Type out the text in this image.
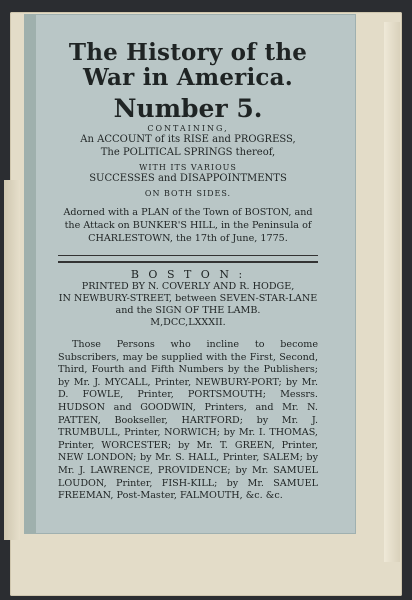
The History of the
War in America.
Number 5.
CONTAINING,
An ACCOUNT of its RISE and PROGRESS,
The POLITICAL SPRINGS thereof,
WITH ITS VARIOUS
SUCCESSES and DISAPPOINTMENTS
ON BOTH SIDES.
Adorned with a PLAN of the Town of BOSTON, and the Attack on BUNKER'S HILL, in the Peninsula of CHARLESTOWN, the 17th of June, 1775.
B O S T O N :
PRINTED BY N. COVERLY AND R. HODGE,
IN NEWBURY-STREET, between SEVEN-STAR-LANE
and the SIGN OF THE LAMB.
M,DCC,LXXXII.
Those Persons who incline to become Subscribers, may be supplied with the First, Second, Third, Fourth and Fifth Numbers by the Publishers; by Mr. J. MYCALL, Printer, NEWBURY-PORT; by Mr. D. FOWLE, Printer, PORTSMOUTH; Messrs. HUDSON and GOODWIN, Printers, and Mr. N. PATTEN, Bookseller, HARTFORD; by Mr. J. TRUMBULL, Printer, NORWICH; by Mr. I. THOMAS, Printer, WORCESTER; by Mr. T. GREEN, Printer, NEW LONDON; by Mr. S. HALL, Printer, SALEM; by Mr. J. LAWRENCE, PROVIDENCE; by Mr. SAMUEL LOUDON, Printer, FISH-KILL; by Mr. SAMUEL FREEMAN, Post-Master, FALMOUTH, &c. &c.
